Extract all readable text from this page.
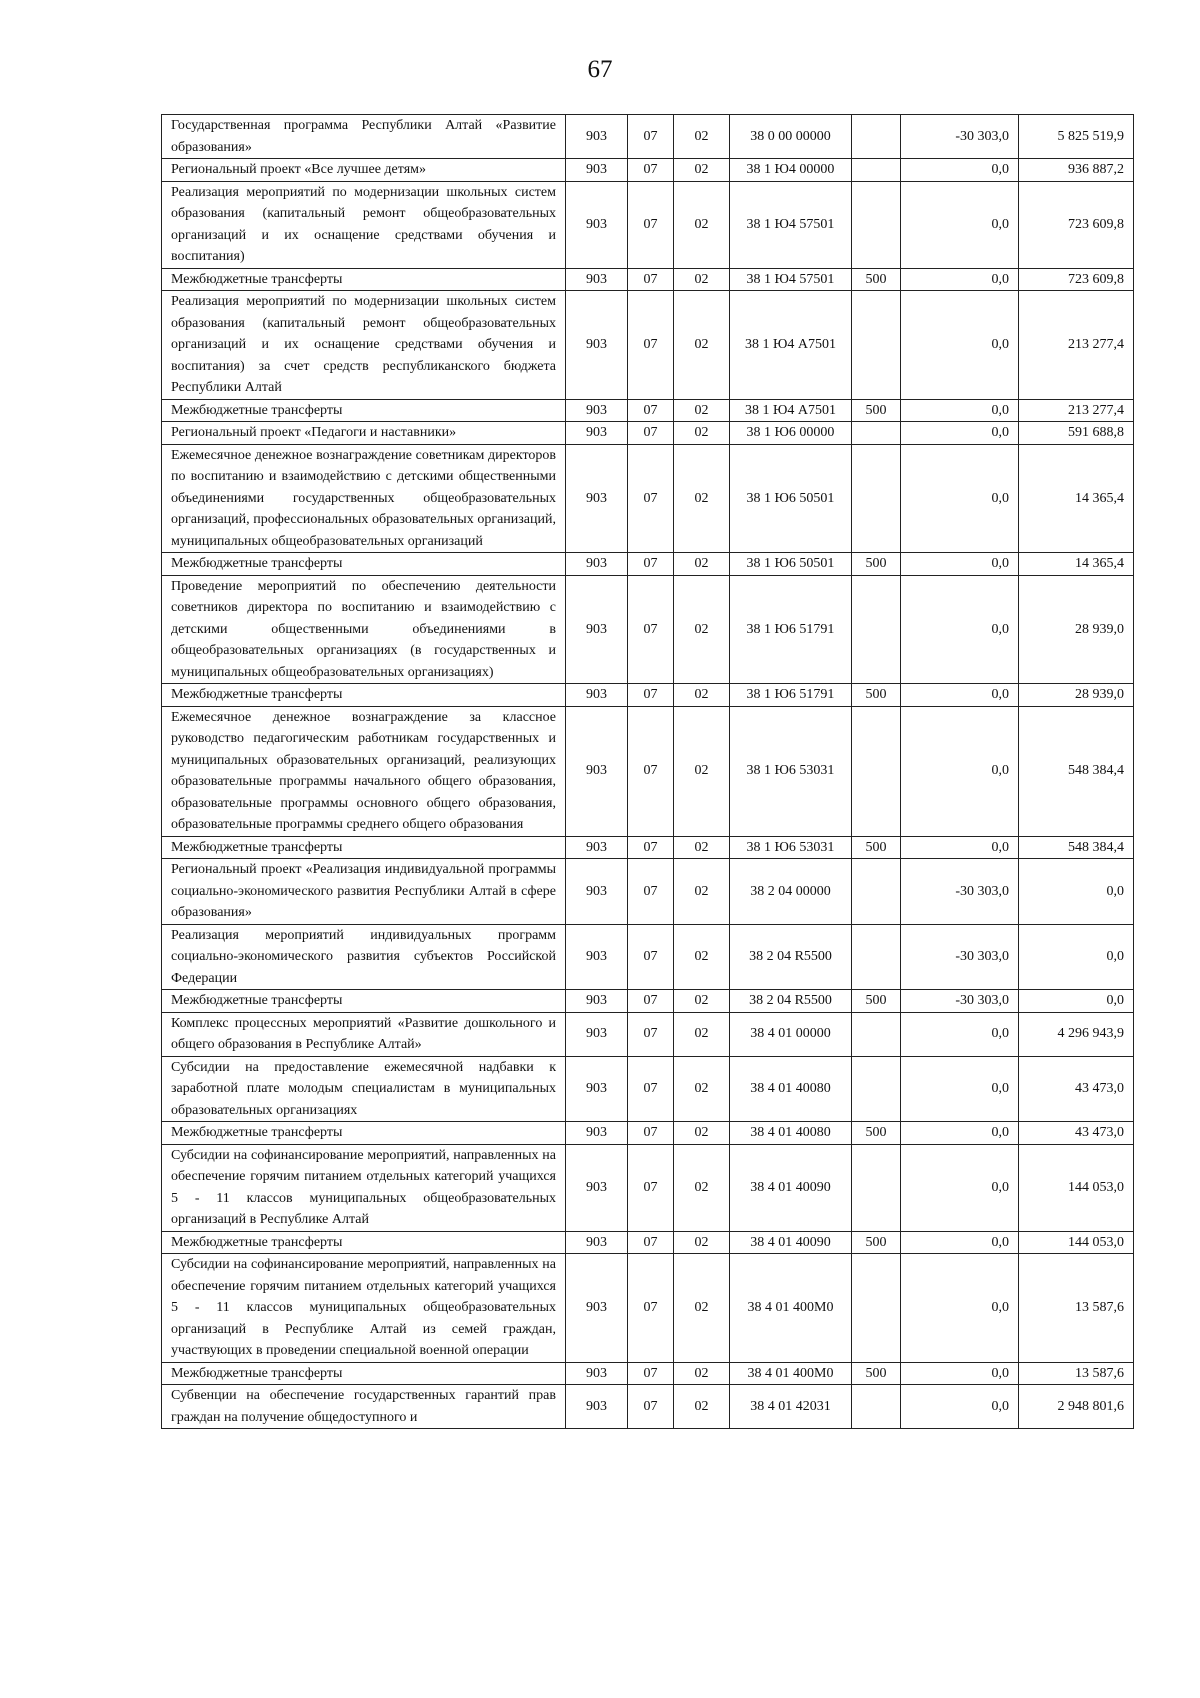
67
Государственная программа Республики Алтай «Развитие образования»	903	07	02	38 0 00 00000		-30 303,0	5 825 519,9
Региональный проект «Все лучшее детям»	903	07	02	38 1 Ю4 00000		0,0	936 887,2
Реализация мероприятий по модернизации школьных систем образования (капитальный ремонт общеобразовательных организаций и их оснащение средствами обучения и воспитания)	903	07	02	38 1 Ю4 57501		0,0	723 609,8
Межбюджетные трансферты	903	07	02	38 1 Ю4 57501	500	0,0	723 609,8
Реализация мероприятий по модернизации школьных систем образования (капитальный ремонт общеобразовательных организаций и их оснащение средствами обучения и воспитания) за счет средств республиканского бюджета Республики Алтай	903	07	02	38 1 Ю4 А7501		0,0	213 277,4
Межбюджетные трансферты	903	07	02	38 1 Ю4 А7501	500	0,0	213 277,4
Региональный проект «Педагоги и наставники»	903	07	02	38 1 Ю6 00000		0,0	591 688,8
Ежемесячное денежное вознаграждение советникам директоров по воспитанию и взаимодействию с детскими общественными объединениями государственных общеобразовательных организаций, профессиональных образовательных организаций, муниципальных общеобразовательных организаций	903	07	02	38 1 Ю6 50501		0,0	14 365,4
Межбюджетные трансферты	903	07	02	38 1 Ю6 50501	500	0,0	14 365,4
Проведение мероприятий по обеспечению деятельности советников директора по воспитанию и взаимодействию с детскими общественными объединениями в общеобразовательных организациях (в государственных и муниципальных общеобразовательных организациях)	903	07	02	38 1 Ю6 51791		0,0	28 939,0
Межбюджетные трансферты	903	07	02	38 1 Ю6 51791	500	0,0	28 939,0
Ежемесячное денежное вознаграждение за классное руководство педагогическим работникам государственных и муниципальных образовательных организаций, реализующих образовательные программы начального общего образования, образовательные программы основного общего образования, образовательные программы среднего общего образования	903	07	02	38 1 Ю6 53031		0,0	548 384,4
Межбюджетные трансферты	903	07	02	38 1 Ю6 53031	500	0,0	548 384,4
Региональный проект «Реализация индивидуальной программы социально-экономического развития Республики Алтай в сфере образования»	903	07	02	38 2 04 00000		-30 303,0	0,0
Реализация мероприятий индивидуальных программ социально-экономического развития субъектов Российской Федерации	903	07	02	38 2 04 R5500		-30 303,0	0,0
Межбюджетные трансферты	903	07	02	38 2 04 R5500	500	-30 303,0	0,0
Комплекс процессных мероприятий «Развитие дошкольного и общего образования в Республике Алтай»	903	07	02	38 4 01 00000		0,0	4 296 943,9
Субсидии на предоставление ежемесячной надбавки к заработной плате молодым специалистам в муниципальных образовательных организациях	903	07	02	38 4 01 40080		0,0	43 473,0
Межбюджетные трансферты	903	07	02	38 4 01 40080	500	0,0	43 473,0
Субсидии на софинансирование мероприятий, направленных на обеспечение горячим питанием отдельных категорий учащихся 5 - 11 классов муниципальных общеобразовательных организаций в Республике Алтай	903	07	02	38 4 01 40090		0,0	144 053,0
Межбюджетные трансферты	903	07	02	38 4 01 40090	500	0,0	144 053,0
Субсидии на софинансирование мероприятий, направленных на обеспечение горячим питанием отдельных категорий учащихся 5 - 11 классов муниципальных общеобразовательных организаций в Республике Алтай из семей граждан, участвующих в проведении специальной военной операции	903	07	02	38 4 01 400М0		0,0	13 587,6
Межбюджетные трансферты	903	07	02	38 4 01 400М0	500	0,0	13 587,6
Субвенции на обеспечение государственных гарантий прав граждан на получение общедоступного и	903	07	02	38 4 01 42031		0,0	2 948 801,6
